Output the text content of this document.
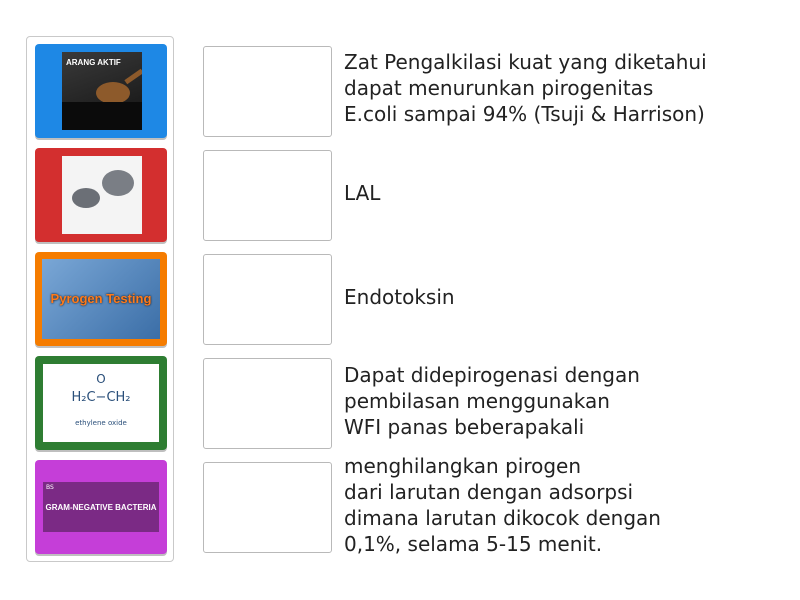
ARANG AKTIF
Pyrogen Testing
O
H₂C−CH₂
ethylene oxide
BS
GRAM-NEGATIVE BACTERIA
Zat Pengalkilasi kuat yang diketahui
dapat menurunkan pirogenitas
E.coli sampai 94% (Tsuji & Harrison)
LAL
Endotoksin
Dapat didepirogenasi dengan
pembilasan menggunakan
WFI panas beberapakali
menghilangkan pirogen
dari larutan dengan adsorpsi
dimana larutan dikocok dengan
0,1%, selama 5-15 menit.
